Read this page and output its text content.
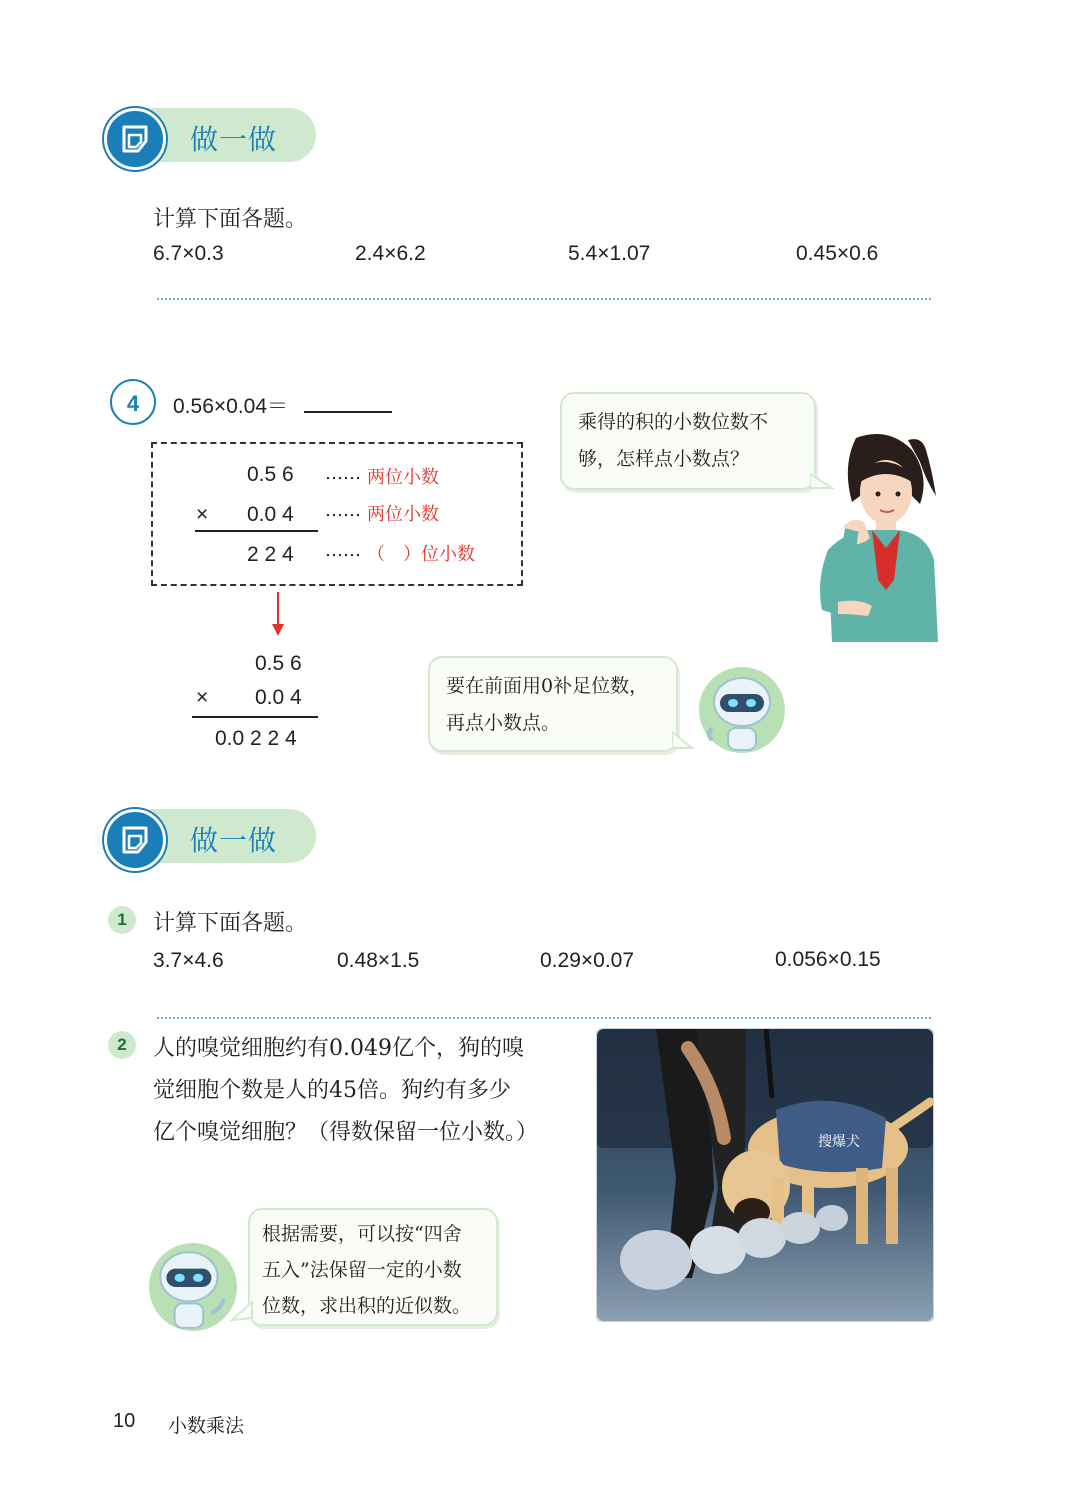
做一做
计算下面各题。
6.7×0.3	2.4×6.2	5.4×1.07	0.45×0.6
4	0.56×0.04＝
0.5 6 …… 两位小数
× 0.0 4 …… 两位小数
2 2 4 …… （　）位小数
0.5 6
× 0.0 4
0.0 2 2 4
乘得的积的小数位数不
够，怎样点小数点？
要在前面用0补足位数，
再点小数点。
做一做
1	计算下面各题。
3.7×4.6	0.48×1.5	0.29×0.07	0.056×0.15
2	人的嗅觉细胞约有0.049亿个，狗的嗅
觉细胞个数是人的45倍。狗约有多少
亿个嗅觉细胞？（得数保留一位小数。）
根据需要，可以按“四舍
五入”法保留一定的小数
位数，求出积的近似数。
搜爆犬
10 小数乘法
